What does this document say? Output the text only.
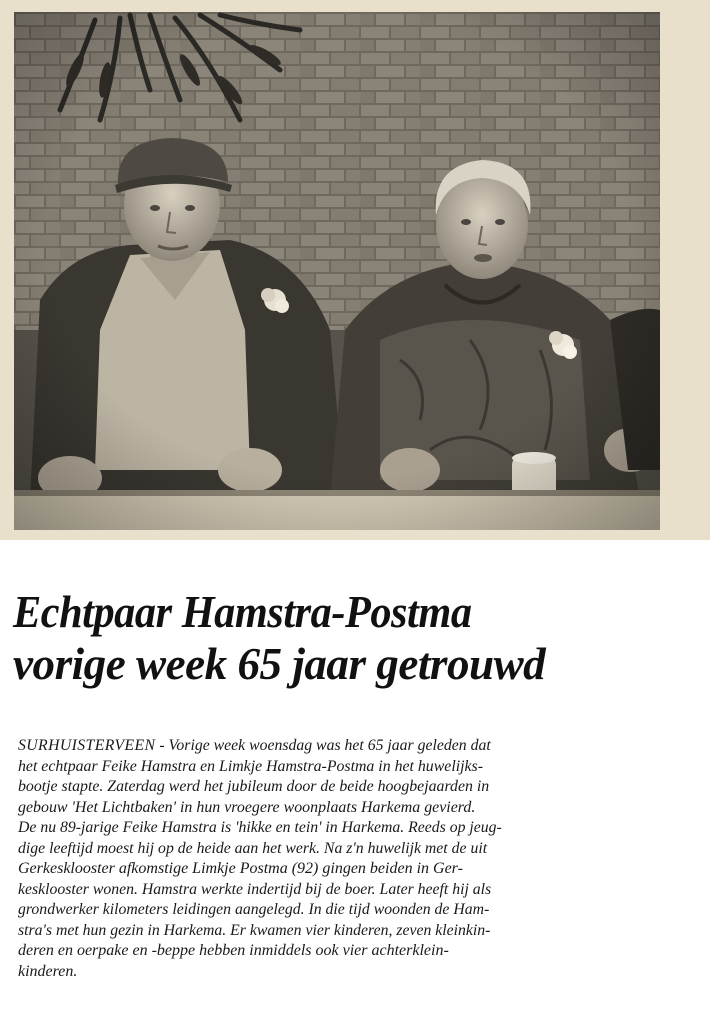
Echtpaar Hamstra-Postma
vorige week 65 jaar getrouwd
SURHUISTERVEEN - Vorige week woensdag was het 65 jaar geleden dat
het echtpaar Feike Hamstra en Limkje Hamstra-Postma in het huwelijks-
bootje stapte. Zaterdag werd het jubileum door de beide hoogbejaarden in
gebouw 'Het Lichtbaken' in hun vroegere woonplaats Harkema gevierd.
De nu 89-jarige Feike Hamstra is 'hikke en tein' in Harkema. Reeds op jeug-
dige leeftijd moest hij op de heide aan het werk. Na z'n huwelijk met de uit
Gerkesklooster afkomstige Limkje Postma (92) gingen beiden in Ger-
kesklooster wonen. Hamstra werkte indertijd bij de boer. Later heeft hij als
grondwerker kilometers leidingen aangelegd. In die tijd woonden de Ham-
stra's met hun gezin in Harkema. Er kwamen vier kinderen, zeven kleinkin-
deren en oerpake en -beppe hebben inmiddels ook vier achterklein-
kinderen.
